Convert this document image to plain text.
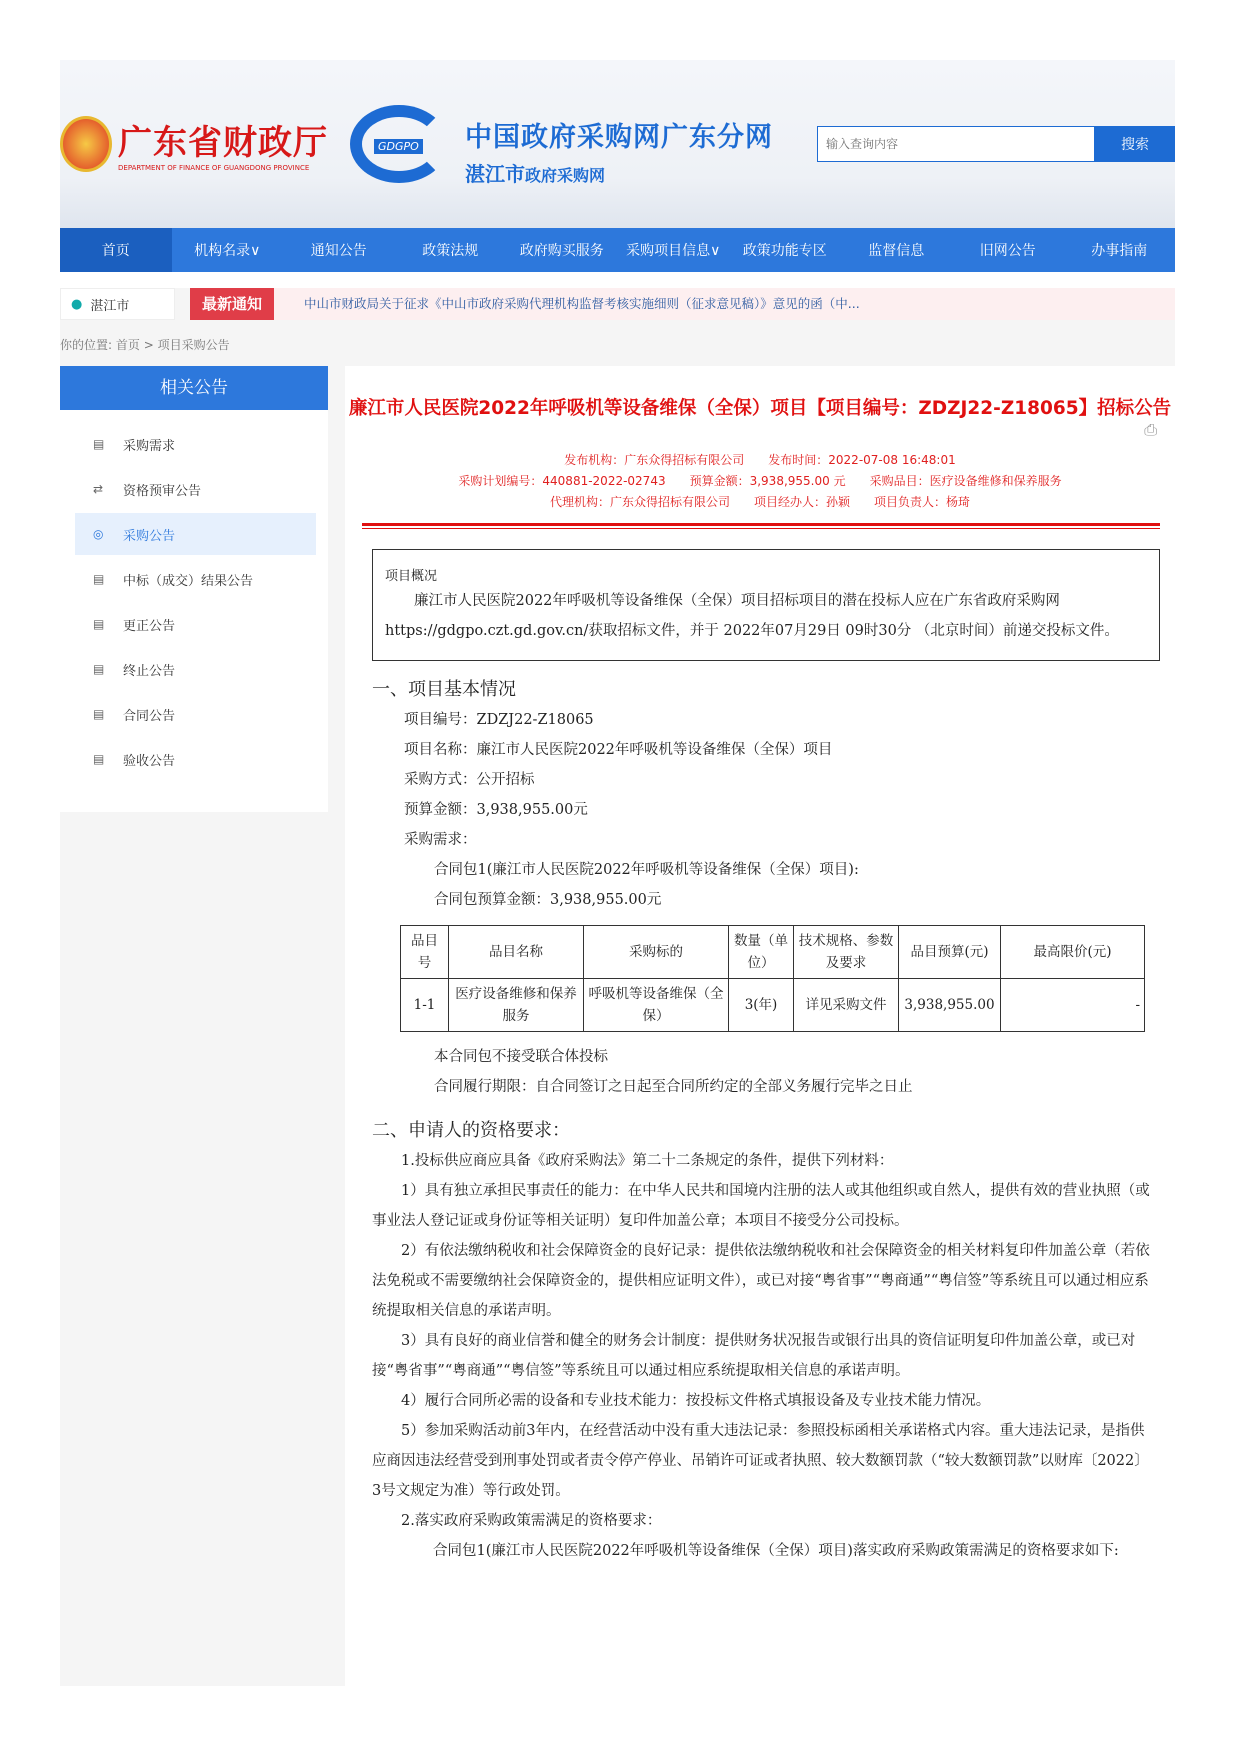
广东省财政厅
DEPARTMENT OF FINANCE OF GUANGDONG PROVINCE
GDGPO 中国政府采购网广东分网
湛江市政府采购网
输入查询内容
搜索
首页	机构名录∨	通知公告	政策法规	政府购买服务	采购项目信息∨	政策功能专区	监督信息	旧网公告	办事指南
● 湛江市	最新通知	中山市财政局关于征求《中山市政府采购代理机构监督考核实施细则（征求意见稿）》意见的函（中...
你的位置: 首页 > 项目采购公告
相关公告
▤ 采购需求
⇄	资格预审公告
◎ 采购公告
▤ 中标（成交）结果公告
▤ 更正公告
▤ 终止公告
▤ 合同公告
▤ 验收公告
廉江市人民医院2022年呼吸机等设备维保（全保）项目【项目编号：ZDZJ22-Z18065】招标公告
⎙
发布机构：广东众得招标有限公司 发布时间：2022-07-08 16:48:01
采购计划编号：440881-2022-02743 预算金额：3,938,955.00 元 采购品目：医疗设备维修和保养服务
代理机构：广东众得招标有限公司 项目经办人：孙颖 项目负责人：杨琦
项目概况
廉江市人民医院2022年呼吸机等设备维保（全保）项目招标项目的潜在投标人应在广东省政府采购网https://gdgpo.czt.gd.gov.cn/获取招标文件，并于 2022年07月29日 09时30分 （北京时间）前递交投标文件。
一、项目基本情况
项目编号：ZDZJ22-Z18065
项目名称：廉江市人民医院2022年呼吸机等设备维保（全保）项目
采购方式：公开招标
预算金额：3,938,955.00元
采购需求：
合同包1(廉江市人民医院2022年呼吸机等设备维保（全保）项目):
合同包预算金额：3,938,955.00元
品目号	品目名称	采购标的	数量（单位）	技术规格、参数及要求	品目预算(元)	最高限价(元)
1-1	医疗设备维修和保养服务	呼吸机等设备维保（全保）	3(年)	详见采购文件	3,938,955.00	-
本合同包不接受联合体投标
合同履行期限：自合同签订之日起至合同所约定的全部义务履行完毕之日止
二、申请人的资格要求：
1.投标供应商应具备《政府采购法》第二十二条规定的条件，提供下列材料：
1）具有独立承担民事责任的能力：在中华人民共和国境内注册的法人或其他组织或自然人，提供有效的营业执照（或事业法人登记证或身份证等相关证明）复印件加盖公章；本项目不接受分公司投标。
2）有依法缴纳税收和社会保障资金的良好记录：提供依法缴纳税收和社会保障资金的相关材料复印件加盖公章（若依法免税或不需要缴纳社会保障资金的，提供相应证明文件），或已对接“粤省事”“粤商通”“粤信签”等系统且可以通过相应系统提取相关信息的承诺声明。
3）具有良好的商业信誉和健全的财务会计制度：提供财务状况报告或银行出具的资信证明复印件加盖公章，或已对接“粤省事”“粤商通”“粤信签”等系统且可以通过相应系统提取相关信息的承诺声明。
4）履行合同所必需的设备和专业技术能力：按投标文件格式填报设备及专业技术能力情况。
5）参加采购活动前3年内，在经营活动中没有重大违法记录：参照投标函相关承诺格式内容。重大违法记录，是指供应商因违法经营受到刑事处罚或者责令停产停业、吊销许可证或者执照、较大数额罚款（“较大数额罚款”以财库〔2022〕3号文规定为准）等行政处罚。
2.落实政府采购政策需满足的资格要求：
合同包1(廉江市人民医院2022年呼吸机等设备维保（全保）项目)落实政府采购政策需满足的资格要求如下:
